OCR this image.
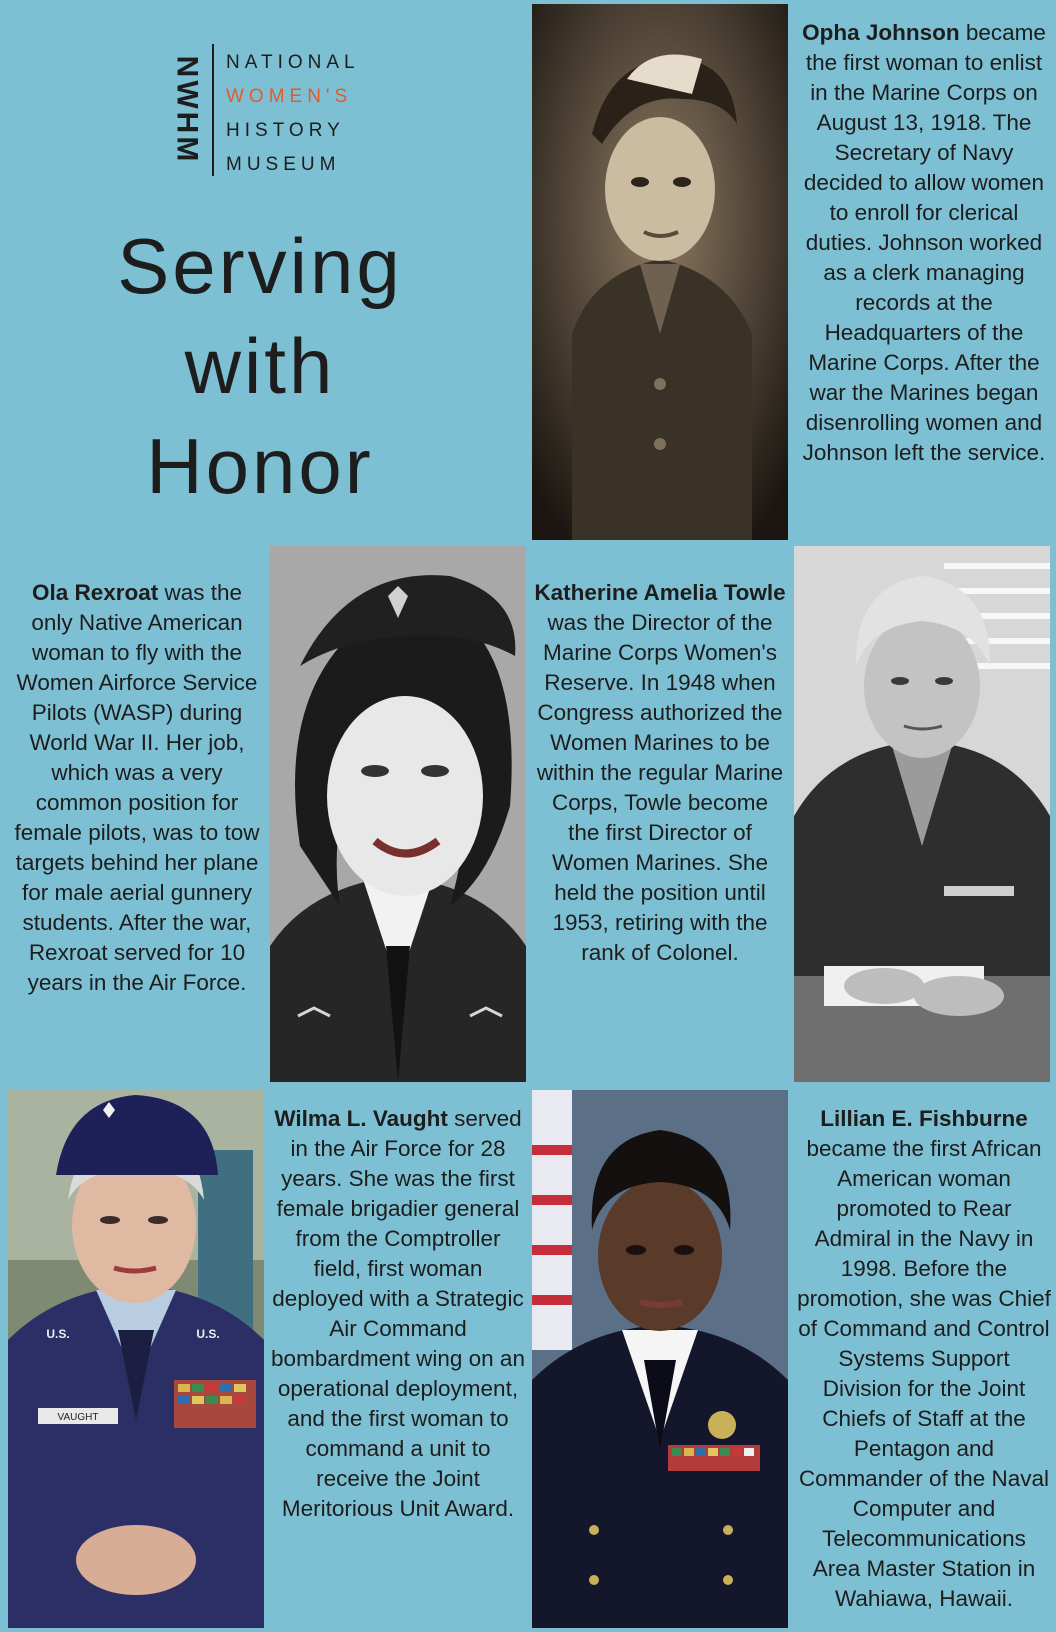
NWHM NATIONAL
WOMEN'S
HISTORY
MUSEUM
Serving
with
Honor
Opha Johnson became the first woman to enlist in the Marine Corps on August 13, 1918. The Secretary of Navy decided to allow women to enroll for clerical duties. Johnson worked as a clerk managing records at the Headquarters of the Marine Corps. After the war the Marines began disenrolling women and Johnson left the service.
Ola Rexroat was the only Native American woman to fly with the Women Airforce Service Pilots (WASP) during World War II. Her job, which was a very common position for female pilots, was to tow targets behind her plane for male aerial gunnery students. After the war, Rexroat served for 10 years in the Air Force.
Katherine Amelia Towle was the Director of the Marine Corps Women's Reserve. In 1948 when Congress authorized the Women Marines to be within the regular Marine Corps, Towle become the first Director of Women Marines. She held the position until 1953, retiring with the rank of Colonel.
VAUGHT
U.S.	U.S.
Wilma L. Vaught served in the Air Force for 28 years. She was the first female brigadier general from the Comptroller field, first woman deployed with a Strategic Air Command bombardment wing on an operational deployment, and the first woman to command a unit to receive the Joint Meritorious Unit Award.
Lillian E. Fishburne became the first African American woman promoted to Rear Admiral in the Navy in 1998. Before the promotion, she was Chief of Command and Control Systems Support Division for the Joint Chiefs of Staff at the Pentagon and Commander of the Naval Computer and Telecommunications Area Master Station in Wahiawa, Hawaii.
